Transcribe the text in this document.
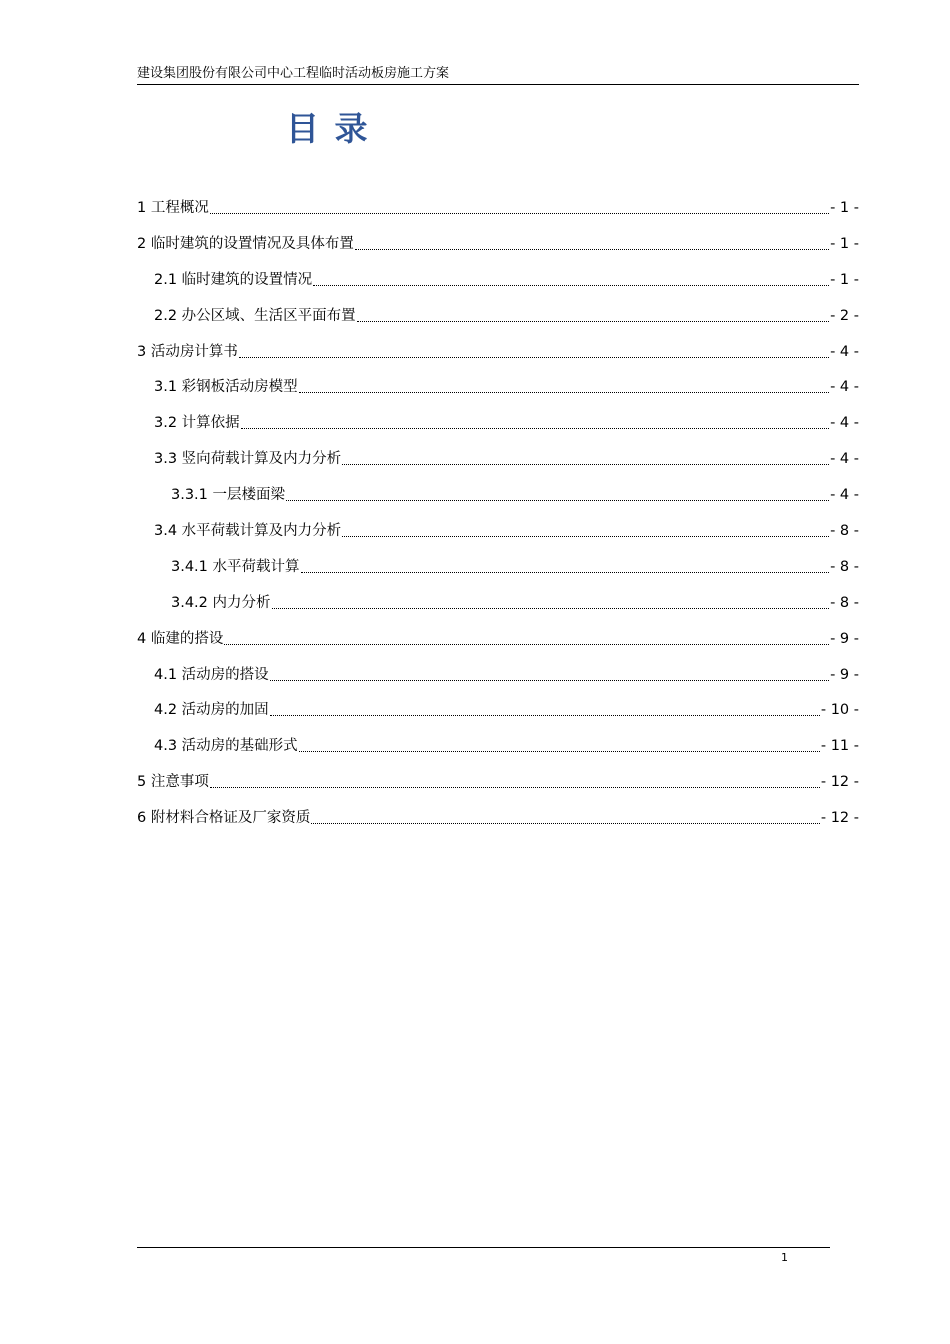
建设集团股份有限公司中心工程临时活动板房施工方案
目 录
1 工程概况	- 1 -
2 临时建筑的设置情况及具体布置	- 1 -
2.1 临时建筑的设置情况	- 1 -
2.2 办公区域、生活区平面布置	- 2 -
3 活动房计算书	- 4 -
3.1 彩钢板活动房模型	- 4 -
3.2 计算依据	- 4 -
3.3 竖向荷载计算及内力分析	- 4 -
3.3.1 一层楼面梁	- 4 -
3.4 水平荷载计算及内力分析	- 8 -
3.4.1 水平荷载计算	- 8 -
3.4.2 内力分析	- 8 -
4 临建的搭设	- 9 -
4.1 活动房的搭设	- 9 -
4.2 活动房的加固	- 10 -
4.3 活动房的基础形式	- 11 -
5 注意事项	- 12 -
6 附材料合格证及厂家资质	- 12 -
1
